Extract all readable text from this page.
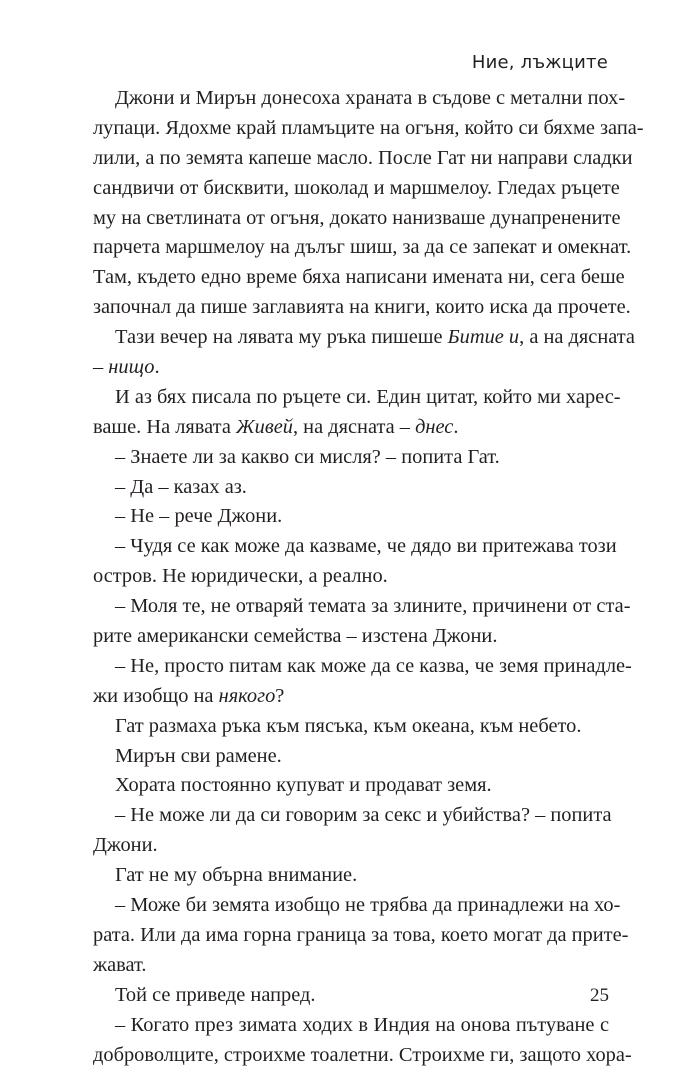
Ние, лъжците
Джони и Мирън донесоха храната в съдове с метални пох-
лупаци. Ядохме край пламъците на огъня, който си бяхме запа-
лили, а по земята капеше масло. После Гат ни направи сладки
сандвичи от бисквити, шоколад и маршмелоу. Гледах ръцете
му на светлината от огъня, докато нанизваше дунапренените
парчета маршмелоу на дълъг шиш, за да се запекат и омекнат.
Там, където едно време бяха написани имената ни, сега беше
започнал да пише заглавията на книги, които иска да прочете.
Тази вечер на лявата му ръка пишеше Битие и, а на дясната
– нищо.
И аз бях писала по ръцете си. Един цитат, който ми харес-
ваше. На лявата Живей, на дясната – днес.
– Знаете ли за какво си мисля? – попита Гат.
– Да – казах аз.
– Не – рече Джони.
– Чудя се как може да казваме, че дядо ви притежава този
остров. Не юридически, а реално.
– Моля те, не отваряй темата за злините, причинени от ста-
рите американски семейства – изстена Джони.
– Не, просто питам как може да се казва, че земя принадле-
жи изобщо на някого?
Гат размаха ръка към пясъка, към океана, към небето.
Мирън сви рамене.
Хората постоянно купуват и продават земя.
– Не може ли да си говорим за секс и убийства? – попита
Джони.
Гат не му обърна внимание.
– Може би земята изобщо не трябва да принадлежи на хо-
рата. Или да има горна граница за това, което могат да прите-
жават.
Той се приведе напред.
– Когато през зимата ходих в Индия на онова пътуване с
доброволците, строихме тоалетни. Строихме ги, защото хора-
25
